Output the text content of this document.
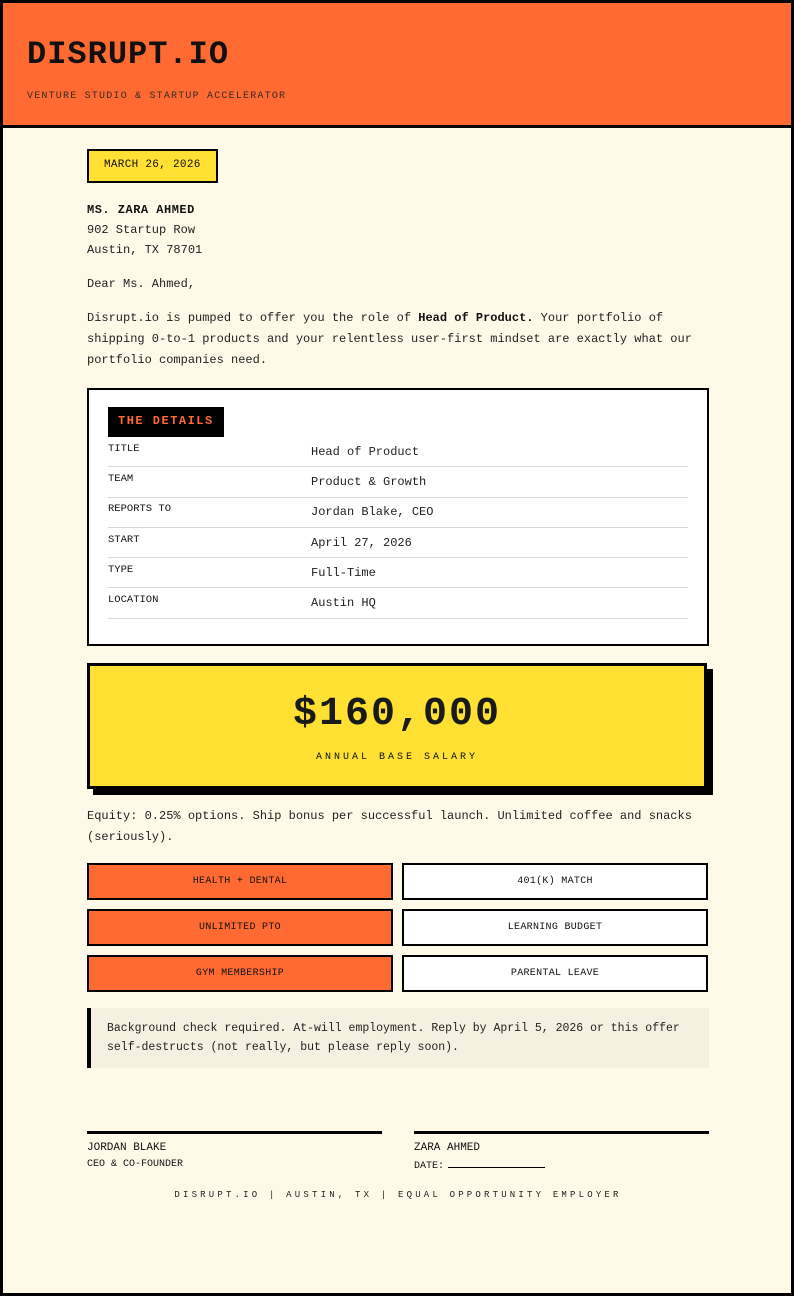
DISRUPT.IO
VENTURE STUDIO & STARTUP ACCELERATOR
MARCH 26, 2026
MS. ZARA AHMED
902 Startup Row
Austin, TX 78701
Dear Ms. Ahmed,

Disrupt.io is pumped to offer you the role of Head of Product. Your portfolio of shipping 0-to-1 products and your relentless user-first mindset are exactly what our portfolio companies need.

THE DETAILS
TITLE	Head of Product
TEAM	Product & Growth
REPORTS TO	Jordan Blake, CEO
START	April 27, 2026
TYPE	Full-Time
LOCATION	Austin HQ
$160,000
ANNUAL BASE SALARY

Equity: 0.25% options. Ship bonus per successful launch. Unlimited coffee and snacks (seriously).

HEALTH + DENTAL	401(K) MATCH
UNLIMITED PTO	LEARNING BUDGET
GYM MEMBERSHIP	PARENTAL LEAVE
Background check required. At-will employment. Reply by April 5, 2026 or this offer self-destructs (not really, but please reply soon).
JORDAN BLAKE
CEO & CO-FOUNDER
ZARA AHMED
DATE:
DISRUPT.IO | AUSTIN, TX | EQUAL OPPORTUNITY EMPLOYER
